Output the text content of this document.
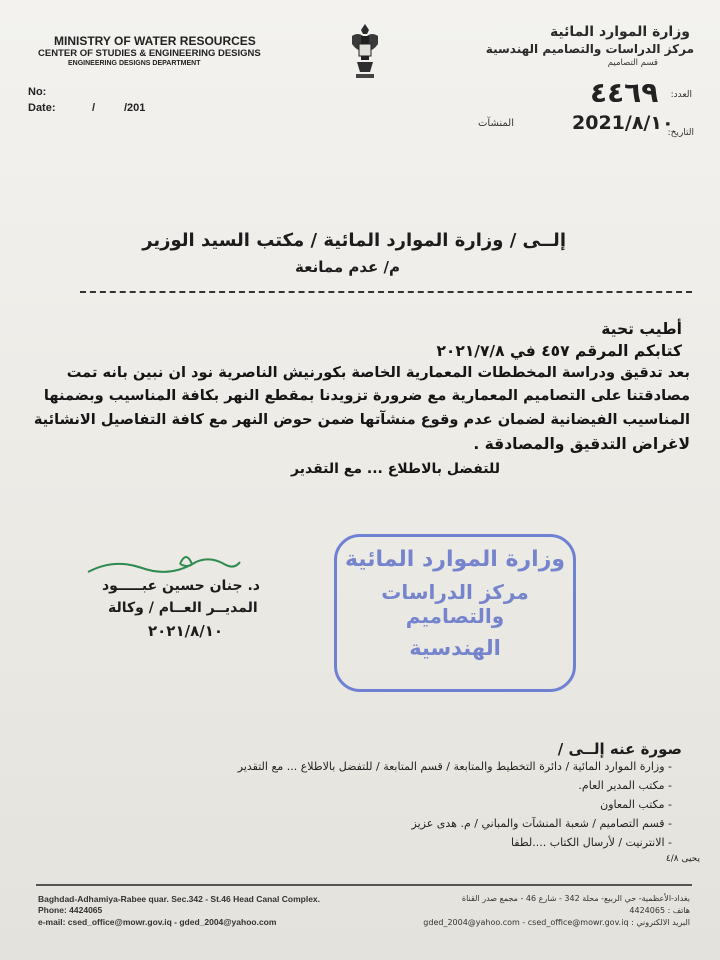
MINISTRY OF WATER RESOURCES
CENTER OF STUDIES & ENGINEERING DESIGNS
ENGINEERING DESIGNS DEPARTMENT
No:
Date:	/	/201
وزارة الموارد المائية
مركز الدراسات والتصاميم الهندسية
قسم التصاميم
العدد:
٤٤٦٩
المنشآت
التاريخ:
2021/٨/١٠
إلــى / وزارة الموارد المائية / مكتب السيد الوزير
م/ عدم ممانعة
أطيب تحية
كتابكم المرقم ٤٥٧ في ٢٠٢١/٧/٨
بعد تدقيق ودراسة المخططات المعمارية الخاصة بكورنيش الناصرية نود ان نبين بانه تمت
مصادقتنا على التصاميم المعمارية مع ضرورة تزويدنا بمقطع النهر بكافة المناسيب وبضمنها
المناسيب الفيضانية لضمان عدم وقوع منشآتها ضمن حوض النهر مع كافة التفاصيل الانشائية
لاغراض التدقيق والمصادقة .
للتفضل بالاطلاع ... مع التقدير
وزارة الموارد المائية
مركز الدراسات والتصاميم
الهندسية
د. جنان حسين عبـــــود
المديــر العــام / وكالة
٢٠٢١/٨/١٠
صورة عنه إلــى /
- وزارة الموارد المائية / دائرة التخطيط والمتابعة / قسم المتابعة / للتفضل بالاطلاع ... مع التقدير
- مكتب المدير العام.
- مكتب المعاون
- قسم التصاميم / شعبة المنشآت والمباني / م. هدى عزيز
- الانترنيت / لأرسال الكتاب ....لطفا
يحيى ٤/٨
Baghdad-Adhamiya-Rabee quar. Sec.342 - St.46 Head Canal Complex.
Phone: 4424065
e-mail: csed_office@mowr.gov.iq - gded_2004@yahoo.com
بغداد-الأعظمية- حي الربيع- محلة 342 - شارع 46 - مجمع صدر القناة
هاتف : 4424065
gded_2004@yahoo.com - csed_office@mowr.gov.iq : البريد الالكتروني
